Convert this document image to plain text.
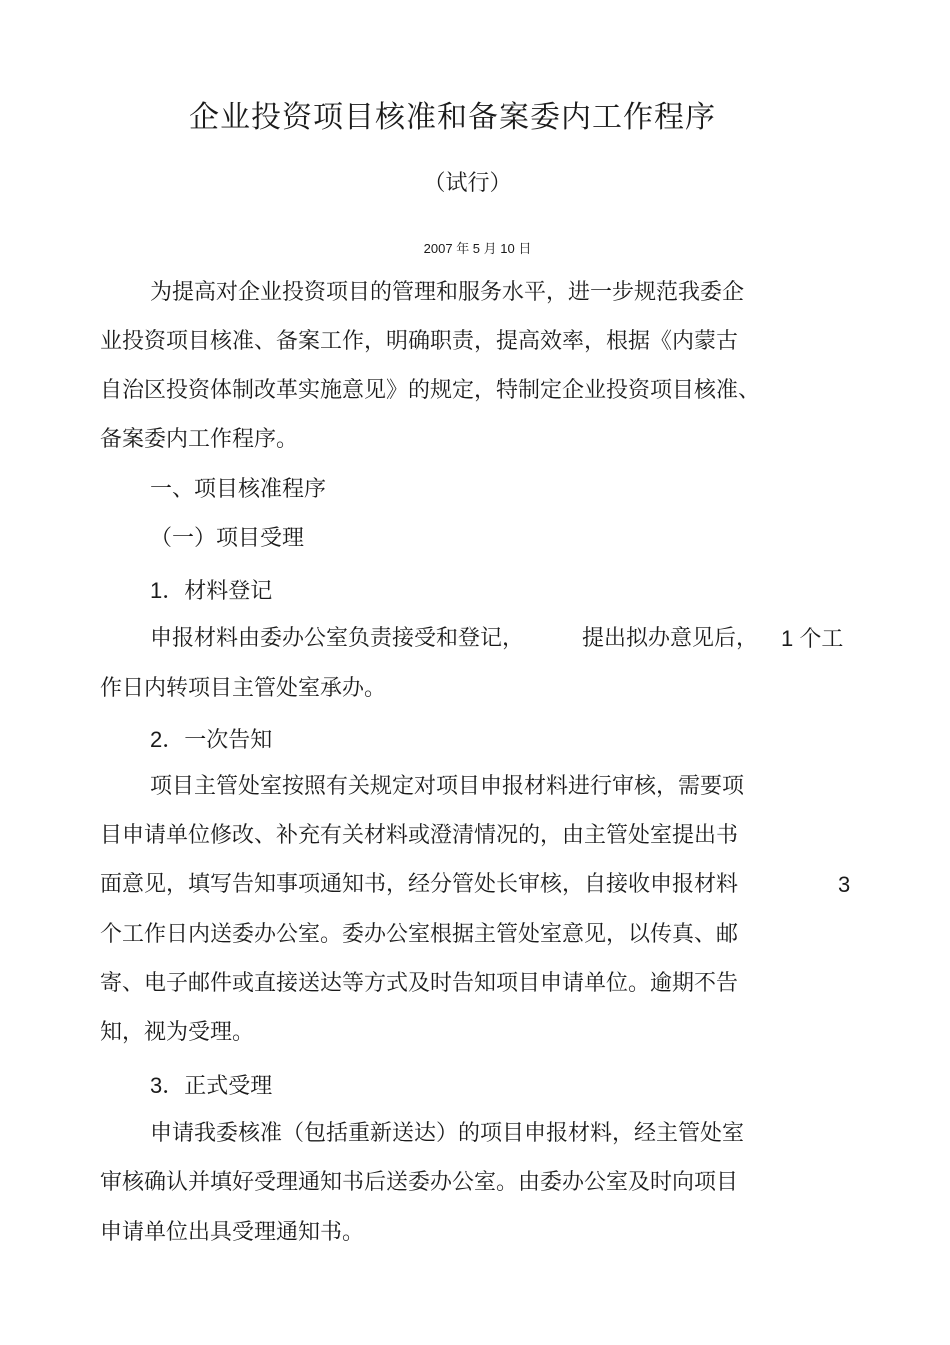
企业投资项目核准和备案委内工作程序
（试行）
2007 年 5 月 10 日
为提高对企业投资项目的管理和服务水平，进一步规范我委企
业投资项目核准、备案工作，明确职责，提高效率，根据《内蒙古
自治区投资体制改革实施意见》的规定，特制定企业投资项目核准、
备案委内工作程序。
一、项目核准程序
（一）项目受理
1．材料登记
申报材料由委办公室负责接受和登记，	提出拟办意见后， 1 个工
作日内转项目主管处室承办。
2．一次告知
项目主管处室按照有关规定对项目申报材料进行审核，需要项
目申请单位修改、补充有关材料或澄清情况的，由主管处室提出书
面意见，填写告知事项通知书，经分管处长审核，自接收申报材料	3
个工作日内送委办公室。委办公室根据主管处室意见，以传真、邮
寄、电子邮件或直接送达等方式及时告知项目申请单位。逾期不告
知，视为受理。
3．正式受理
申请我委核准（包括重新送达）的项目申报材料，经主管处室
审核确认并填好受理通知书后送委办公室。由委办公室及时向项目
申请单位出具受理通知书。
